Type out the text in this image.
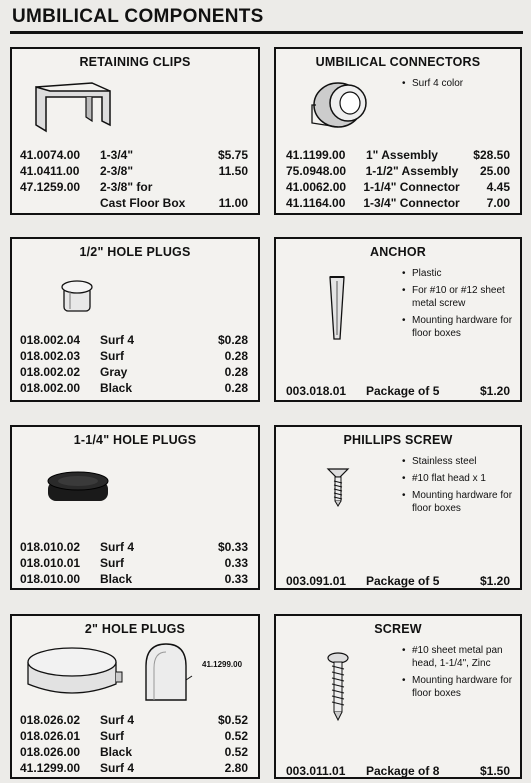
UMBILICAL COMPONENTS
RETAINING CLIPS
41.0074.00	1-3/4"	$5.75
41.0411.00	2-3/8"	11.50
47.1259.00	2-3/8" for
Cast Floor Box	11.00
UMBILICAL CONNECTORS
• Surf 4 color
41.1199.00	1" Assembly	$28.50
75.0948.00	1-1/2" Assembly	25.00
41.0062.00	1-1/4" Connector	4.45
41.1164.00	1-3/4" Connector	7.00
1/2" HOLE PLUGS
018.002.04	Surf 4	$0.28
018.002.03	Surf	0.28
018.002.02	Gray	0.28
018.002.00	Black	0.28
ANCHOR
• Plastic
• For #10 or #12 sheet metal screw
• Mounting hardware for floor boxes
003.018.01	Package of 5	$1.20
1-1/4" HOLE PLUGS
018.010.02	Surf 4	$0.33
018.010.01	Surf	0.33
018.010.00	Black	0.33
PHILLIPS SCREW
• Stainless steel
• #10 flat head x 1
• Mounting hardware for floor boxes
003.091.01	Package of 5	$1.20
2" HOLE PLUGS
41.1299.00
018.026.02	Surf 4	$0.52
018.026.01	Surf	0.52
018.026.00	Black	0.52
41.1299.00	Surf 4	2.80
SCREW
• #10 sheet metal pan head, 1-1/4", Zinc
• Mounting hardware for floor boxes
003.011.01	Package of 8	$1.50
